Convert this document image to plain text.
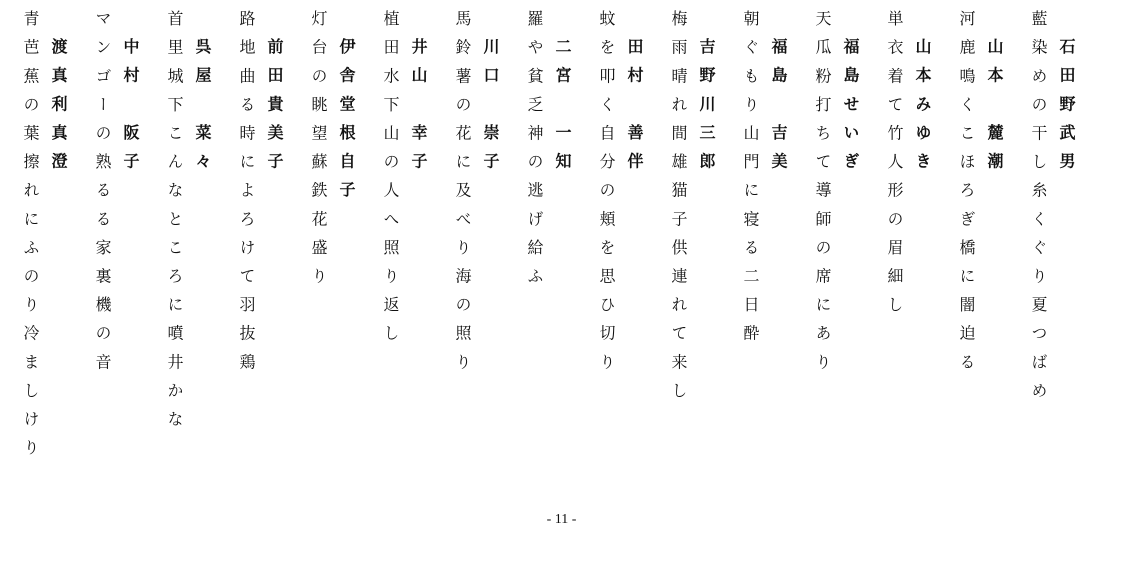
藍染めの干し糸くぐり夏つばめ 石田野武男
河鹿鳴くこほろぎ橋に闇迫る 山本　麓潮
単衣着て竹人形の眉細し 山本みゆき
天瓜粉打ちて導師の席にあり 福島せいぎ
朝ぐもり山門に寝る二日酔 福島　吉美
梅雨晴れ間雄猫子供連れて来し 吉野川三郎
蚊を叩く自分の頬を思ひ切り 田村　善伴
羅や貧乏神の逃げ給ふ 二宮　一知
馬鈴薯の花に及べり海の照り 川口　崇子
植田水下山の人へ照り返し 井山　幸子
灯台の眺望蘇鉄花盛り 伊舎堂根自子
路地曲る時によろけて羽抜鶏 前田貴美子
首里城下こんなところに噴井かな 呉屋　菜々
マンゴーの熟るる家裏機の音 中村　阪子
青芭蕉の葉擦れにふのり冷ましけり 渡真利真澄
- 11 -
